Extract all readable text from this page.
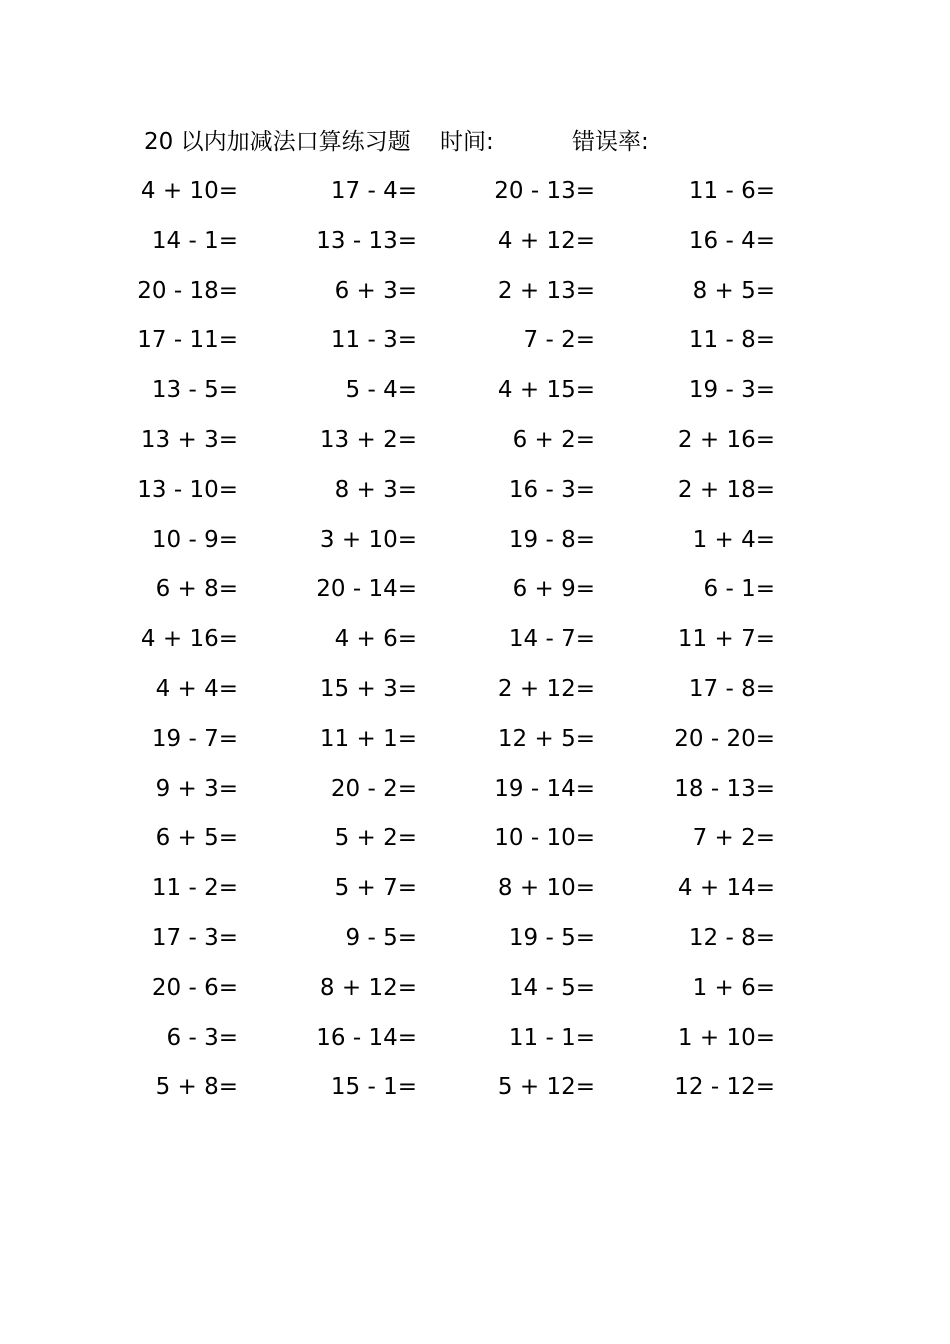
20 以内加减法口算练习题 时间:	错误率:
4 + 10=	17 - 4=	20 - 13=	11 - 6=
14 - 1=	13 - 13=	4 + 12=	16 - 4=
20 - 18=	6 + 3=	2 + 13=	8 + 5=
17 - 11=	11 - 3=	7 - 2=	11 - 8=
13 - 5=	5 - 4=	4 + 15=	19 - 3=
13 + 3=	13 + 2=	6 + 2=	2 + 16=
13 - 10=	8 + 3=	16 - 3=	2 + 18=
10 - 9=	3 + 10=	19 - 8=	1 + 4=
6 + 8=	20 - 14=	6 + 9=	6 - 1=
4 + 16=	4 + 6=	14 - 7=	11 + 7=
4 + 4=	15 + 3=	2 + 12=	17 - 8=
19 - 7=	11 + 1=	12 + 5=	20 - 20=
9 + 3=	20 - 2=	19 - 14=	18 - 13=
6 + 5=	5 + 2=	10 - 10=	7 + 2=
11 - 2=	5 + 7=	8 + 10=	4 + 14=
17 - 3=	9 - 5=	19 - 5=	12 - 8=
20 - 6=	8 + 12=	14 - 5=	1 + 6=
6 - 3=	16 - 14=	11 - 1=	1 + 10=
5 + 8=	15 - 1=	5 + 12=	12 - 12=
